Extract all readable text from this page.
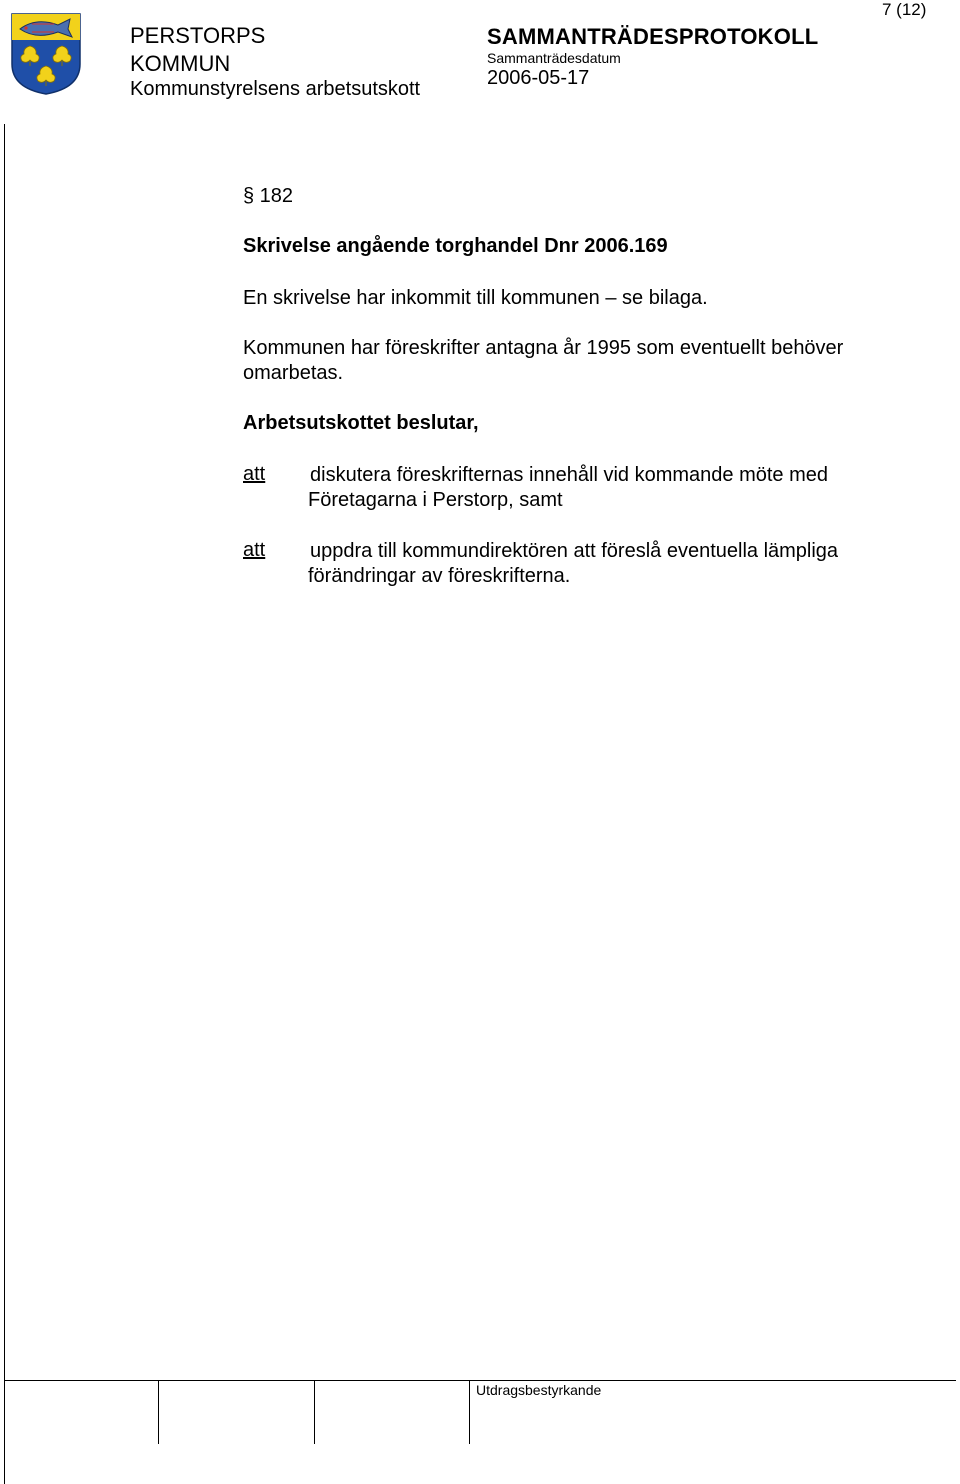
7 (12)
PERSTORPS
KOMMUN
Kommunstyrelsens arbetsutskott
SAMMANTRÄDESPROTOKOLL
Sammanträdesdatum
2006-05-17
§ 182
Skrivelse angående torghandel Dnr 2006.169
En skrivelse har inkommit till kommunen – se bilaga.
Kommunen har föreskrifter antagna år 1995 som eventuellt behöver omarbetas.
Arbetsutskottet beslutar,
att diskutera föreskrifternas innehåll vid kommande möte med Företagarna i Perstorp, samt
att uppdra till kommundirektören att föreslå eventuella lämpliga förändringar av föreskrifterna.
Utdragsbestyrkande
